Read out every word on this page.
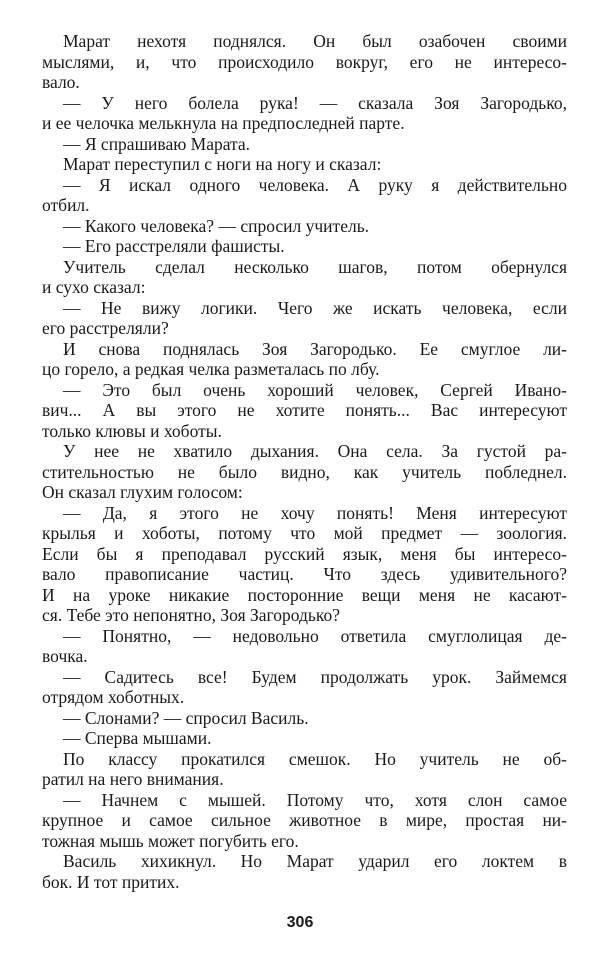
Марат нехотя поднялся. Он был озабочен своими
мыслями, и, что происходило вокруг, его не интересо-
вало.
— У него болела рука! — сказала Зоя Загородько,
и ее челочка мелькнула на предпоследней парте.
— Я спрашиваю Марата.
Марат переступил с ноги на ногу и сказал:
— Я искал одного человека. А руку я действительно
отбил.
— Какого человека? — спросил учитель.
— Его расстреляли фашисты.
Учитель сделал несколько шагов, потом обернулся
и сухо сказал:
— Не вижу логики. Чего же искать человека, если
его расстреляли?
И снова поднялась Зоя Загородько. Ее смуглое ли-
цо горело, а редкая челка разметалась по лбу.
— Это был очень хороший человек, Сергей Ивано-
вич... А вы этого не хотите понять... Вас интересуют
только клювы и хоботы.
У нее не хватило дыхания. Она села. За густой ра-
стительностью не было видно, как учитель побледнел.
Он сказал глухим голосом:
— Да, я этого не хочу понять! Меня интересуют
крылья и хоботы, потому что мой предмет — зоология.
Если бы я преподавал русский язык, меня бы интересо-
вало правописание частиц. Что здесь удивительного?
И на уроке никакие посторонние вещи меня не касают-
ся. Тебе это непонятно, Зоя Загородько?
— Понятно, — недовольно ответила смуглолицая де-
вочка.
— Садитесь все! Будем продолжать урок. Займемся
отрядом хоботных.
— Слонами? — спросил Василь.
— Сперва мышами.
По классу прокатился смешок. Но учитель не об-
ратил на него внимания.
— Начнем с мышей. Потому что, хотя слон самое
крупное и самое сильное животное в мире, простая ни-
тожная мышь может погубить его.
Василь хихикнул. Но Марат ударил его локтем в
бок. И тот притих.
306
